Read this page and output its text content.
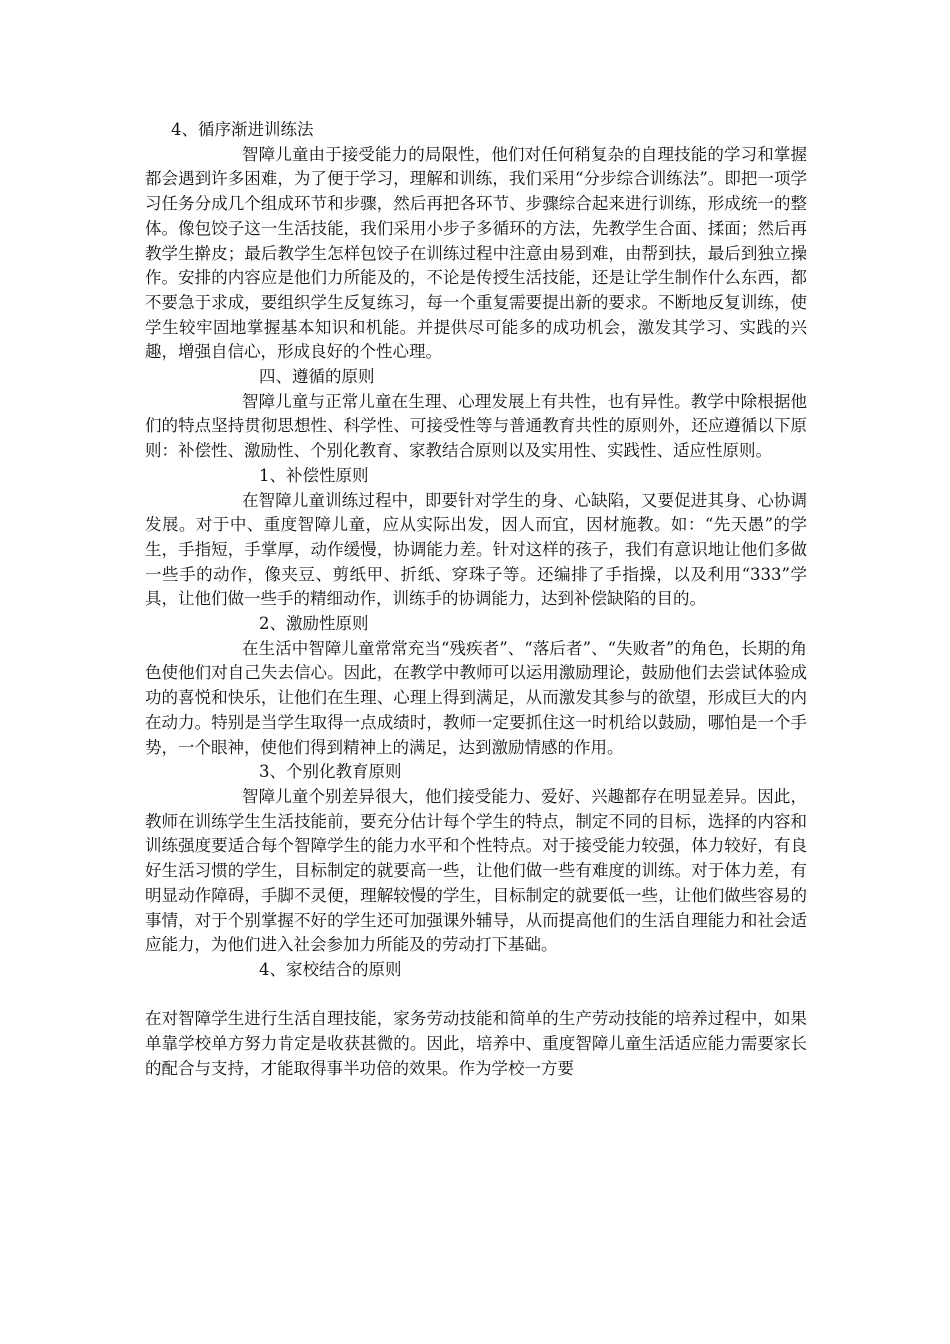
4、循序渐进训练法

智障儿童由于接受能力的局限性，他们对任何稍复杂的自理技能的学习和掌握都会遇到许多困难，为了便于学习，理解和训练，我们采用“分步综合训练法”。即把一项学习任务分成几个组成环节和步骤，然后再把各环节、步骤综合起来进行训练，形成统一的整体。像包饺子这一生活技能，我们采用小步子多循环的方法，先教学生合面、揉面；然后再教学生擀皮；最后教学生怎样包饺子在训练过程中注意由易到难，由帮到扶，最后到独立操作。安排的内容应是他们力所能及的，不论是传授生活技能，还是让学生制作什么东西，都不要急于求成，要组织学生反复练习，每一个重复需要提出新的要求。不断地反复训练，使学生较牢固地掌握基本知识和机能。并提供尽可能多的成功机会，激发其学习、实践的兴趣，增强自信心，形成良好的个性心理。

四、遵循的原则

智障儿童与正常儿童在生理、心理发展上有共性，也有异性。教学中除根据他们的特点坚持贯彻思想性、科学性、可接受性等与普通教育共性的原则外，还应遵循以下原则：补偿性、激励性、个别化教育、家教结合原则以及实用性、实践性、适应性原则。

1、补偿性原则

在智障儿童训练过程中，即要针对学生的身、心缺陷，又要促进其身、心协调发展。对于中、重度智障儿童，应从实际出发，因人而宜，因材施教。如：“先天愚”的学生，手指短，手掌厚，动作缓慢，协调能力差。针对这样的孩子，我们有意识地让他们多做一些手的动作，像夹豆、剪纸甲、折纸、穿珠子等。还编排了手指操，以及利用“333”学具，让他们做一些手的精细动作，训练手的协调能力，达到补偿缺陷的目的。

2、激励性原则

在生活中智障儿童常常充当“残疾者”、“落后者”、“失败者”的角色，长期的角色使他们对自己失去信心。因此，在教学中教师可以运用激励理论，鼓励他们去尝试体验成功的喜悦和快乐，让他们在生理、心理上得到满足，从而激发其参与的欲望，形成巨大的内在动力。特别是当学生取得一点成绩时，教师一定要抓住这一时机给以鼓励，哪怕是一个手势，一个眼神，使他们得到精神上的满足，达到激励情感的作用。

3、个别化教育原则

智障儿童个别差异很大，他们接受能力、爱好、兴趣都存在明显差异。因此，教师在训练学生生活技能前，要充分估计每个学生的特点，制定不同的目标，选择的内容和训练强度要适合每个智障学生的能力水平和个性特点。对于接受能力较强，体力较好，有良好生活习惯的学生，目标制定的就要高一些，让他们做一些有难度的训练。对于体力差，有明显动作障碍，手脚不灵便，理解较慢的学生，目标制定的就要低一些，让他们做些容易的事情，对于个别掌握不好的学生还可加强课外辅导，从而提高他们的生活自理能力和社会适应能力，为他们进入社会参加力所能及的劳动打下基础。

4、家校结合的原则

在对智障学生进行生活自理技能，家务劳动技能和简单的生产劳动技能的培养过程中，如果单靠学校单方努力肯定是收获甚微的。因此，培养中、重度智障儿童生活适应能力需要家长的配合与支持，才能取得事半功倍的效果。作为学校一方要
